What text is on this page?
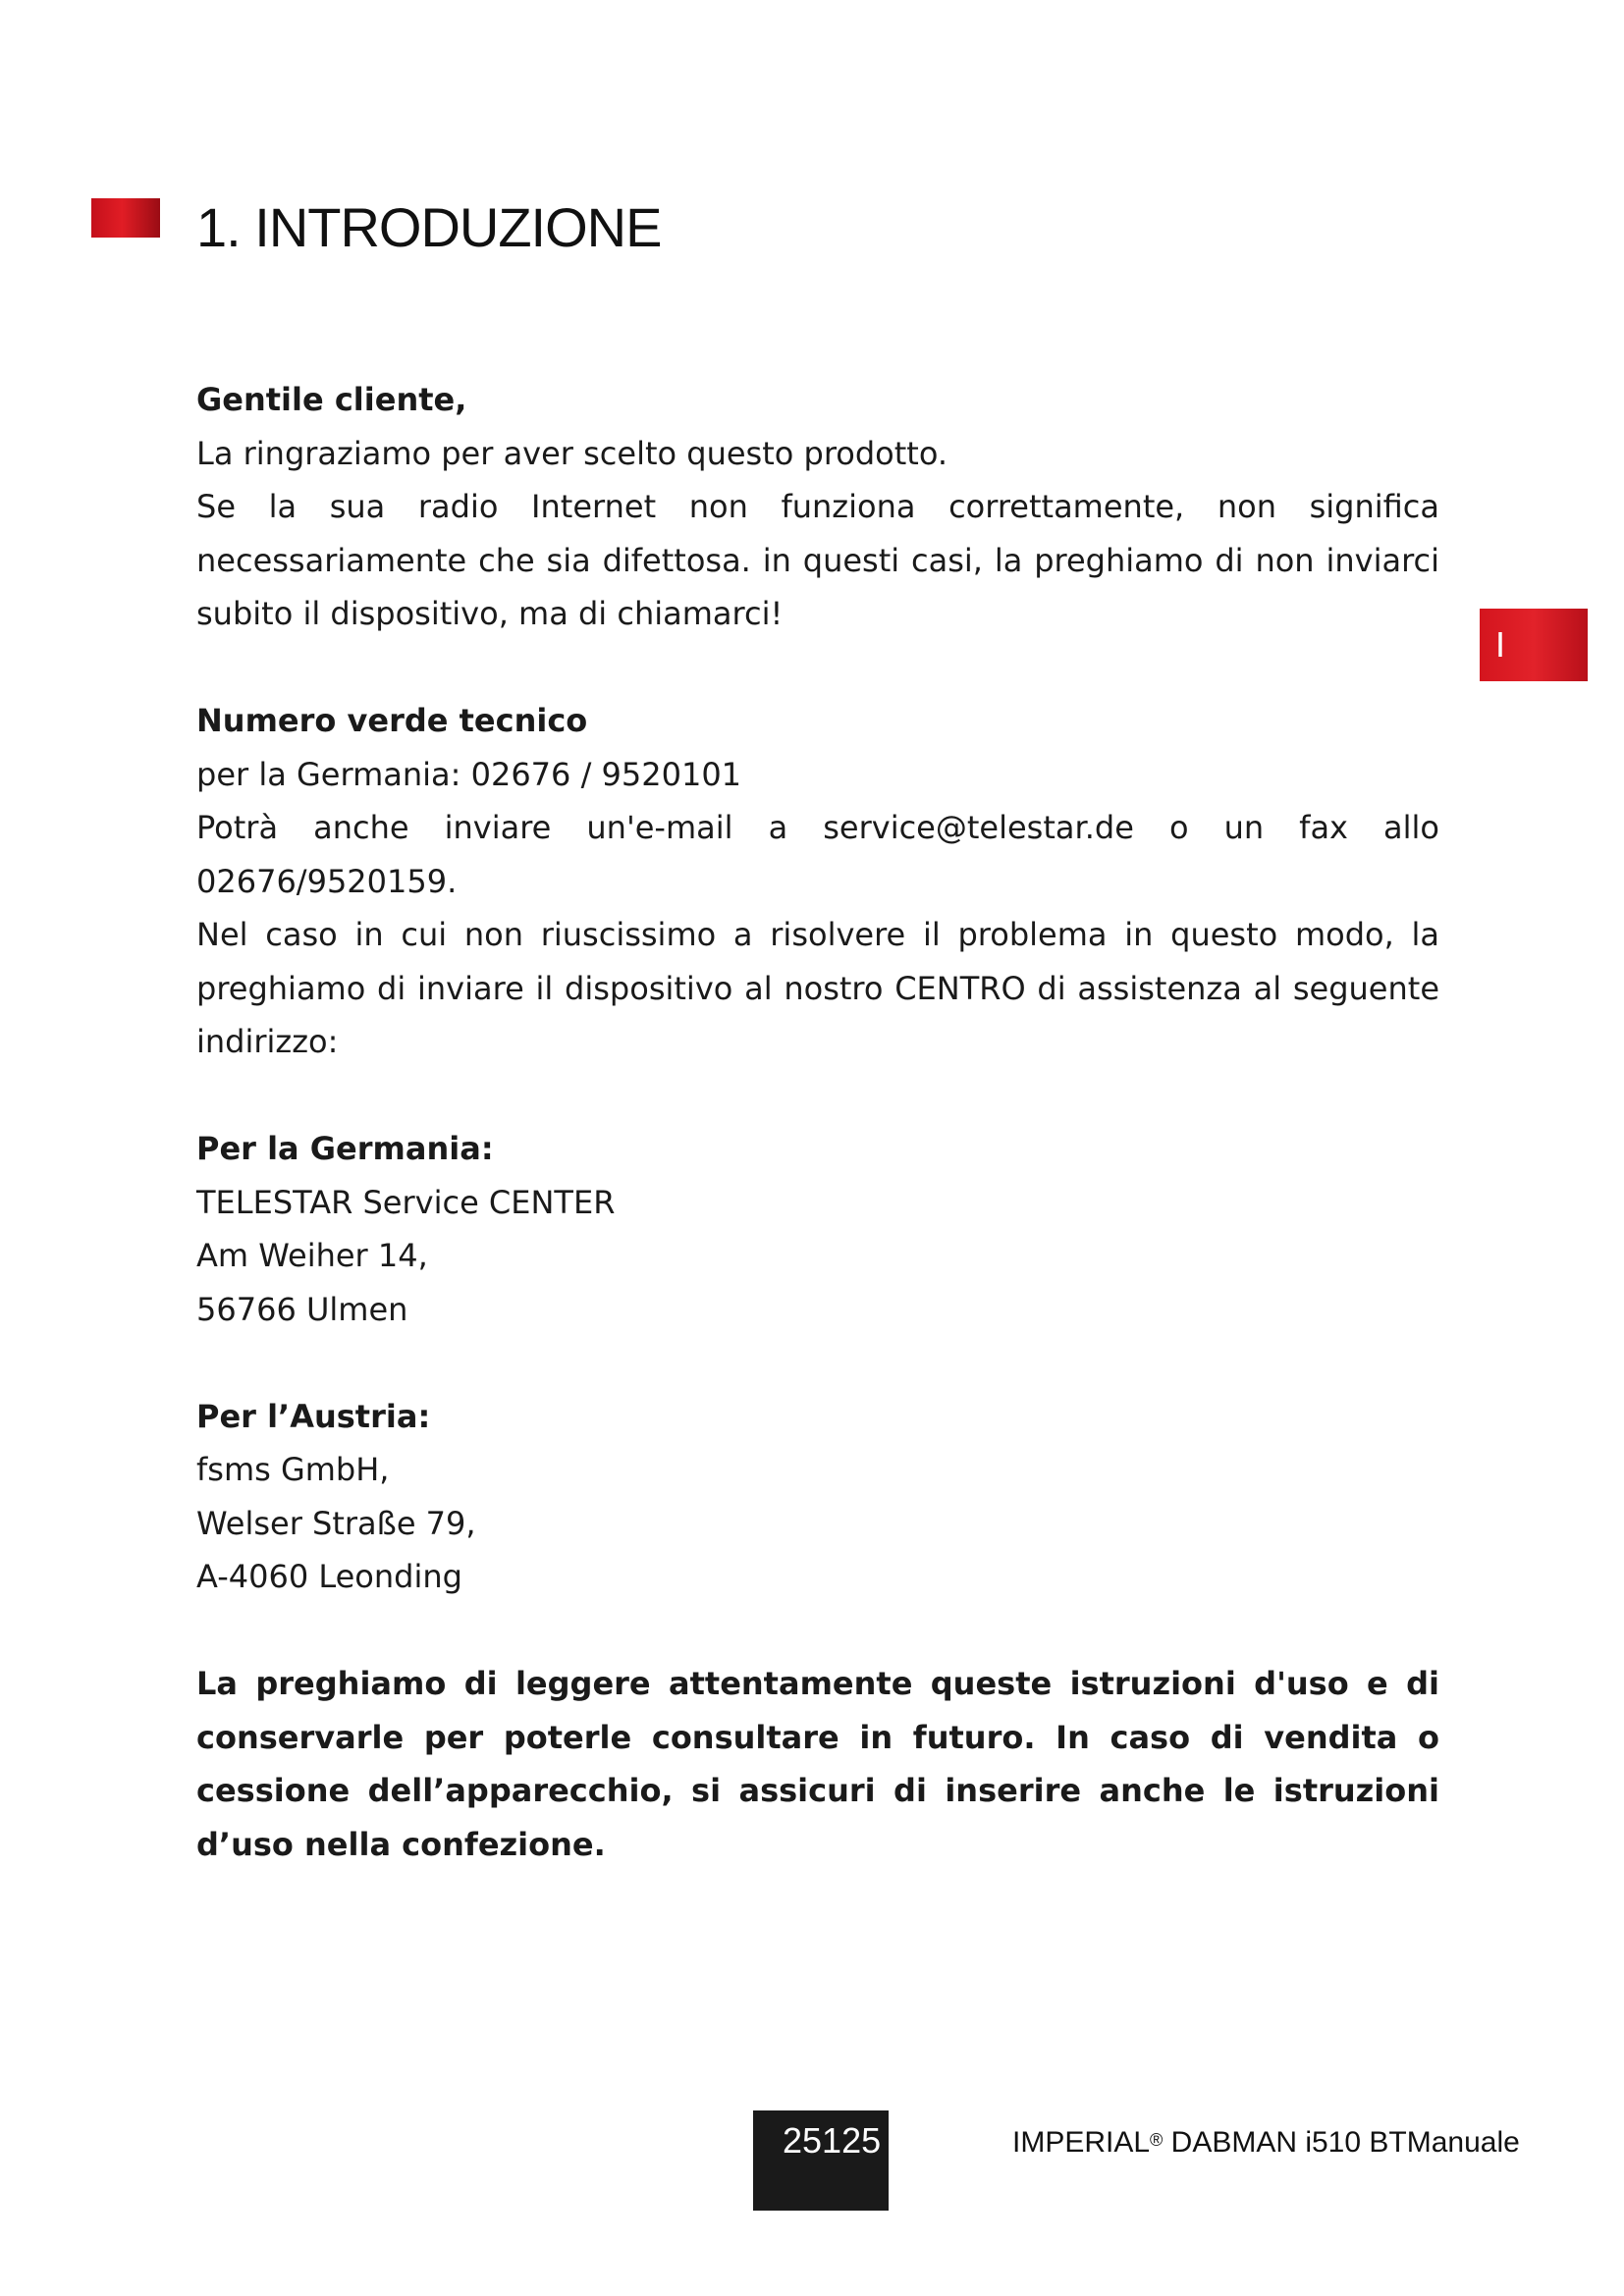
1. INTRODUZIONE
I

Gentile cliente,

La ringraziamo per aver scelto questo prodotto.

Se la sua radio Internet non funziona correttamente, non significa necessariamente che sia difettosa. in questi casi, la preghiamo di non inviarci subito il dispositivo, ma di chiamarci!

Numero verde tecnico

per la Germania: 02676 / 9520101

Potrà anche inviare un'e-mail a service@telestar.de o un fax allo 02676/9520159.

Nel caso in cui non riuscissimo a risolvere il problema in questo modo, la preghiamo di inviare il dispositivo al nostro CENTRO di assistenza al seguente indirizzo:

Per la Germania:

TELESTAR Service CENTER

Am Weiher 14,

56766 Ulmen

Per l’Austria:

fsms GmbH,

Welser Straße 79,

A-4060 Leonding

La preghiamo di leggere attentamente queste istruzioni d'uso e di conservarle per poterle consultare in futuro. In caso di vendita o cessione dell’apparecchio, si assicuri di inserire anche le istruzioni d’uso nella confezione.

25125	IMPERIAL® DABMAN i510 BTManuale
